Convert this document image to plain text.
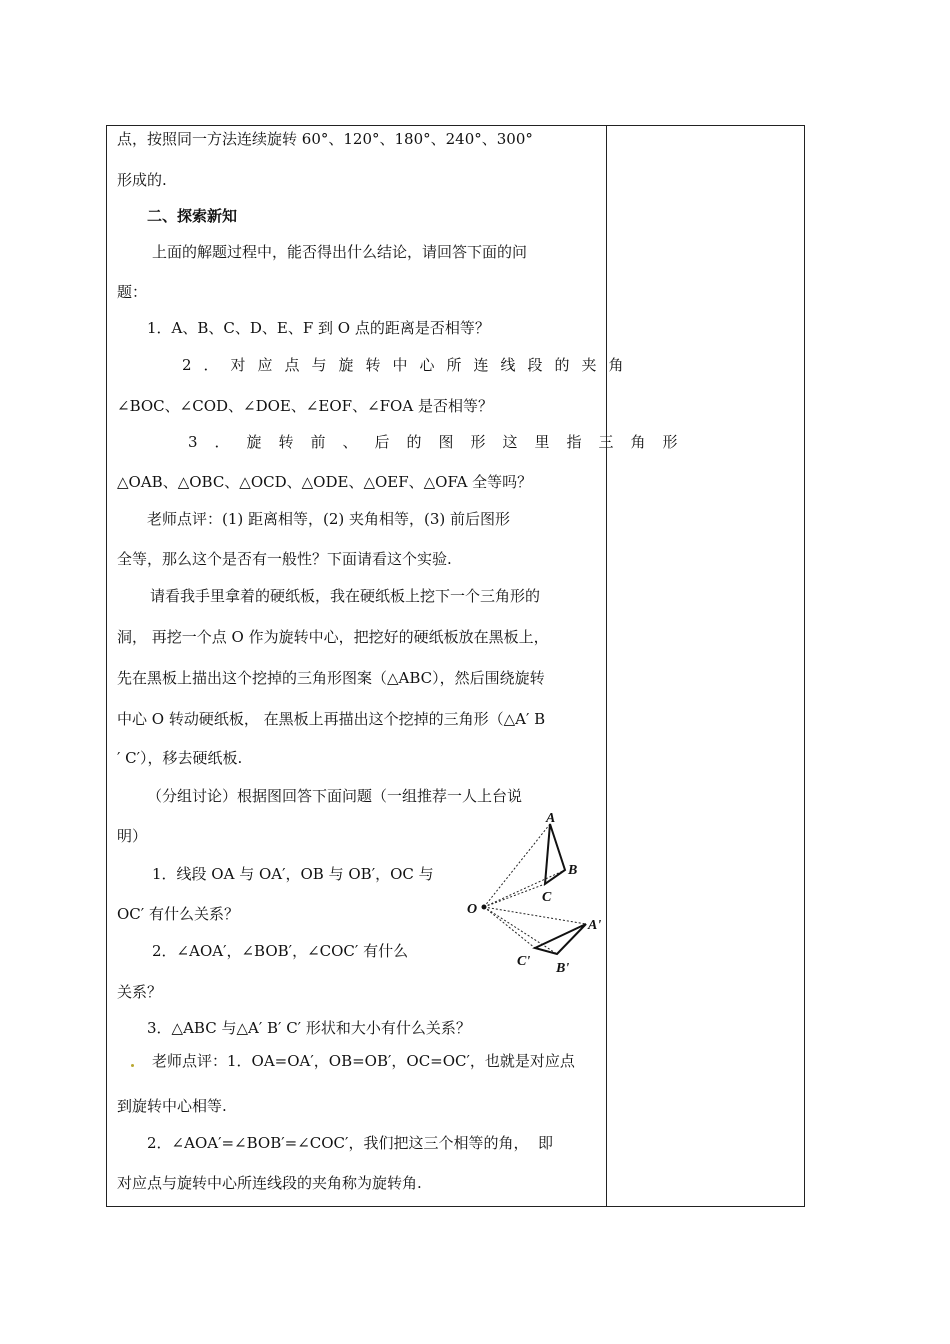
点，按照同一方法连续旋转 60°、120°、180°、240°、300°
形成的.
二、探索新知
上面的解题过程中，能否得出什么结论，请回答下面的问
题：
1．A、B、C、D、E、F 到 O 点的距离是否相等？
2．对应点与旋转中心所连线段的夹角
∠BOC、∠COD、∠DOE、∠EOF、∠FOA 是否相等？
3．旋转前、后的图形这里指三角形
△OAB、△OBC、△OCD、△ODE、△OEF、△OFA 全等吗？
老师点评：(1) 距离相等，(2) 夹角相等，(3) 前后图形
全等，那么这个是否有一般性？下面请看这个实验.
请看我手里拿着的硬纸板，我在硬纸板上挖下一个三角形的
洞， 再挖一个点 O 作为旋转中心，把挖好的硬纸板放在黑板上，
先在黑板上描出这个挖掉的三角形图案（△ABC），然后围绕旋转
中心 O 转动硬纸板， 在黑板上再描出这个挖掉的三角形（△A′ B
′ C′），移去硬纸板.
（分组讨论）根据图回答下面问题（一组推荐一人上台说
明）
1．线段 OA 与 OA′，OB 与 OB′，OC 与
OC′ 有什么关系？
2．∠AOA′，∠BOB′，∠COC′ 有什么
关系？
3．△ABC 与△A′ B′ C′ 形状和大小有什么关系？
老师点评：1．OA=OA′，OB=OB′，OC=OC′，也就是对应点
到旋转中心相等.
2．∠AOA′=∠BOB′=∠COC′，我们把这三个相等的角，  即
对应点与旋转中心所连线段的夹角称为旋转角.
O
A
B
C
A'
B'
C'
